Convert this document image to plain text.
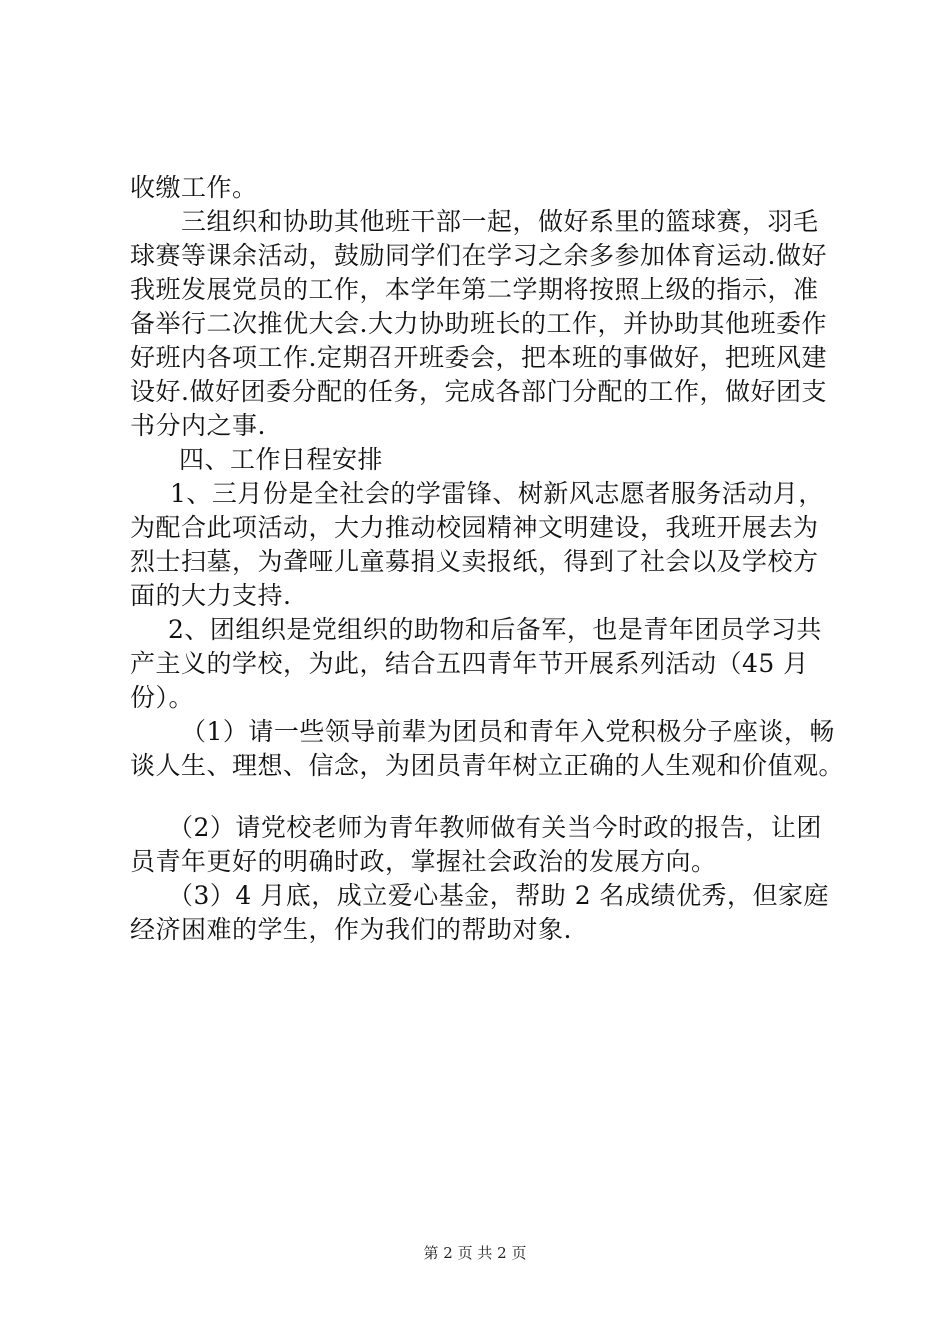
收缴工作。
三组织和协助其他班干部一起，做好系里的篮球赛，羽毛
球赛等课余活动，鼓励同学们在学习之余多参加体育运动.做好
我班发展党员的工作，本学年第二学期将按照上级的指示，准
备举行二次推优大会.大力协助班长的工作，并协助其他班委作
好班内各项工作.定期召开班委会，把本班的事做好，把班风建
设好.做好团委分配的任务，完成各部门分配的工作，做好团支
书分内之事.
四、工作日程安排
1、三月份是全社会的学雷锋、树新风志愿者服务活动月，
为配合此项活动，大力推动校园精神文明建设，我班开展去为
烈士扫墓，为聋哑儿童募捐义卖报纸，得到了社会以及学校方
面的大力支持.
2、团组织是党组织的助物和后备军，也是青年团员学习共
产主义的学校，为此，结合五四青年节开展系列活动（45 月
份）。
（1）请一些领导前辈为团员和青年入党积极分子座谈，畅
谈人生、理想、信念，为团员青年树立正确的人生观和价值观。
（2）请党校老师为青年教师做有关当今时政的报告，让团
员青年更好的明确时政，掌握社会政治的发展方向。
（3）4 月底，成立爱心基金，帮助 2 名成绩优秀，但家庭
经济困难的学生，作为我们的帮助对象.
第 2 页 共 2 页
